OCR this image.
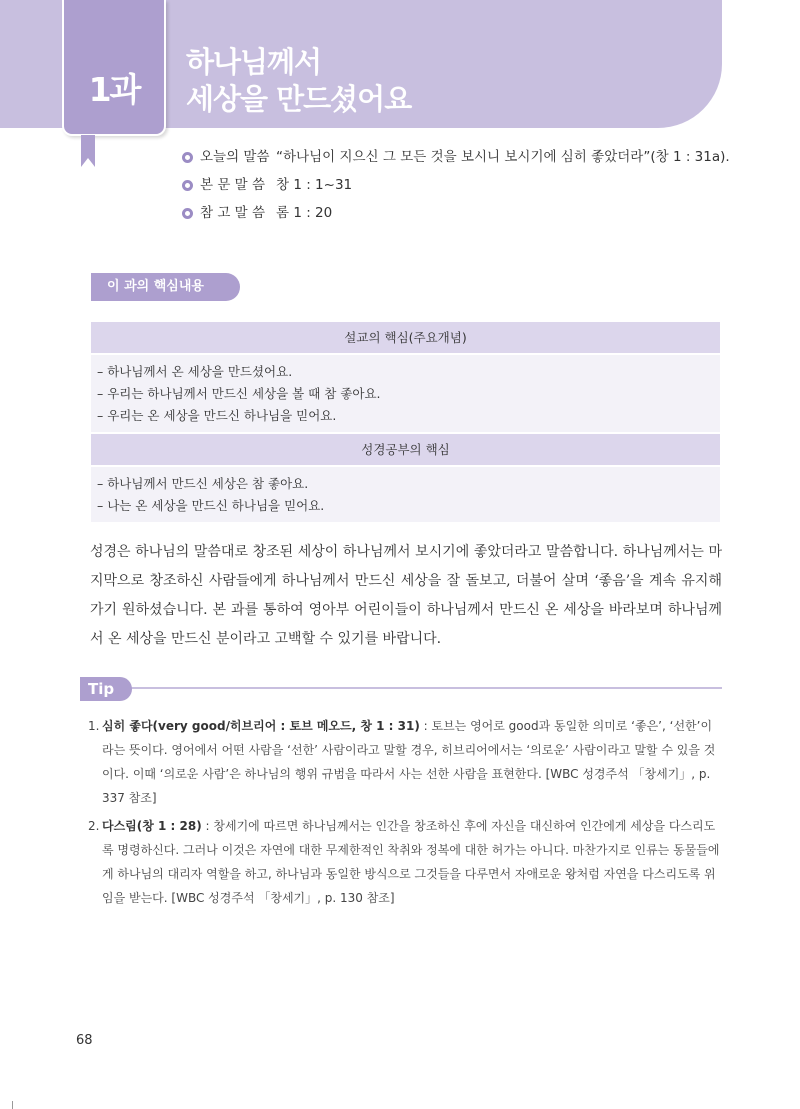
1과
하나님께서
세상을 만드셨어요
오늘의 말씀 “하나님이 지으신 그 모든 것을 보시니 보시기에 심히 좋았더라”(창 1 : 31a).
본 문 말 씀 창 1 : 1~31
참 고 말 씀 롬 1 : 20
이 과의 핵심내용
설교의 핵심(주요개념)
– 하나님께서 온 세상을 만드셨어요.
– 우리는 하나님께서 만드신 세상을 볼 때 참 좋아요.
– 우리는 온 세상을 만드신 하나님을 믿어요.
성경공부의 핵심
– 하나님께서 만드신 세상은 참 좋아요.
– 나는 온 세상을 만드신 하나님을 믿어요.

성경은 하나님의 말씀대로 창조된 세상이 하나님께서 보시기에 좋았더라고 말씀합니다. 하나님께서는 마지막으로 창조하신 사람들에게 하나님께서 만드신 세상을 잘 돌보고, 더불어 살며 ‘좋음’을 계속 유지해 가기 원하셨습니다. 본 과를 통하여 영아부 어린이들이 하나님께서 만드신 온 세상을 바라보며 하나님께서 온 세상을 만드신 분이라고 고백할 수 있기를 바랍니다.

Tip
1. 심히 좋다(very good/히브리어 : 토브 메오드, 창 1 : 31) : 토브는 영어로 good과 동일한 의미로 ‘좋은’, ‘선한’이라는 뜻이다. 영어에서 어떤 사람을 ‘선한’ 사람이라고 말할 경우, 히브리어에서는 ‘의로운’ 사람이라고 말할 수 있을 것이다. 이때 ‘의로운 사람’은 하나님의 행위 규범을 따라서 사는 선한 사람을 표현한다. [WBC 성경주석 「창세기」, p. 337 참조]
2. 다스림(창 1 : 28) : 창세기에 따르면 하나님께서는 인간을 창조하신 후에 자신을 대신하여 인간에게 세상을 다스리도록 명령하신다. 그러나 이것은 자연에 대한 무제한적인 착취와 정복에 대한 허가는 아니다. 마찬가지로 인류는 동물들에게 하나님의 대리자 역할을 하고, 하나님과 동일한 방식으로 그것들을 다루면서 자애로운 왕처럼 자연을 다스리도록 위임을 받는다. [WBC 성경주석 「창세기」, p. 130 참조]
68
